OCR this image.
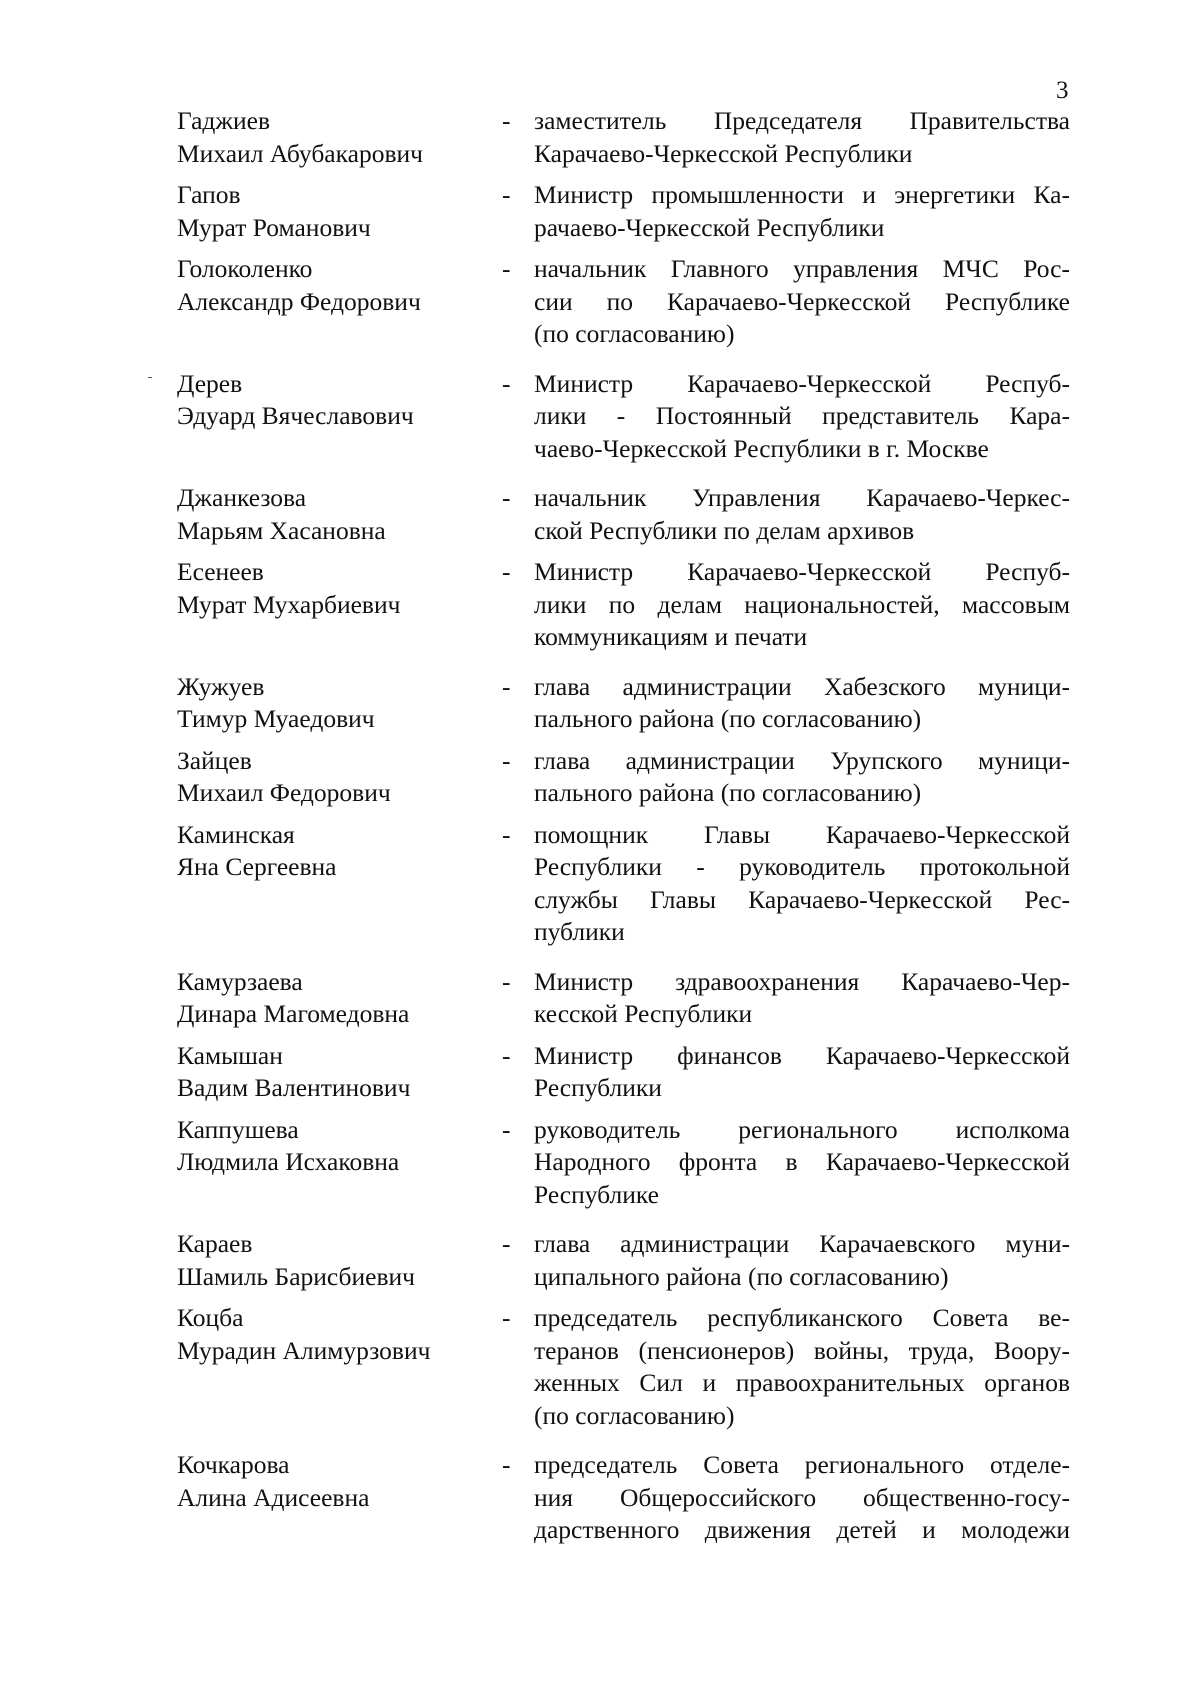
3
Гаджиев
Михаил Абубакарович
- заместитель Председателя Правительства
Карачаево-Черкесской Республики
Гапов
Мурат Романович
- Министр промышленности и энергетики Ка-
рачаево-Черкесской Республики
Голоколенко
Александр Федорович
- начальник Главного управления МЧС Рос-
сии по Карачаево-Черкесской Республике
(по согласованию)
Дерев
Эдуард Вячеславович
- Министр Карачаево-Черкесской Респуб-
лики - Постоянный представитель Кара-
чаево-Черкесской Республики в г. Москве
Джанкезова
Марьям Хасановна
- начальник Управления Карачаево-Черкес-
ской Республики по делам архивов
Есенеев
Мурат Мухарбиевич
- Министр Карачаево-Черкесской Респуб-
лики по делам национальностей, массовым
коммуникациям и печати
Жужуев
Тимур Муаедович
- глава администрации Хабезского муници-
пального района (по согласованию)
Зайцев
Михаил Федорович
- глава администрации Урупского муници-
пального района (по согласованию)
Каминская
Яна Сергеевна
- помощник Главы Карачаево-Черкесской
Республики - руководитель протокольной
службы Главы Карачаево-Черкесской Рес-
публики
Камурзаева
Динара Магомедовна
- Министр здравоохранения Карачаево-Чер-
кесской Республики
Камышан
Вадим Валентинович
- Министр финансов Карачаево-Черкесской
Республики
Каппушева
Людмила Исхаковна
- руководитель регионального исполкома
Народного фронта в Карачаево-Черкесской
Республике
Караев
Шамиль Барисбиевич
- глава администрации Карачаевского муни-
ципального района (по согласованию)
Коцба
Мурадин Алимурзович
- председатель республиканского Совета ве-
теранов (пенсионеров) войны, труда, Воору-
женных Сил и правоохранительных органов
(по согласованию)
Кочкарова
Алина Адисеевна
- председатель Совета регионального отделе-
ния Общероссийского общественно-госу-
дарственного движения детей и молодежи
